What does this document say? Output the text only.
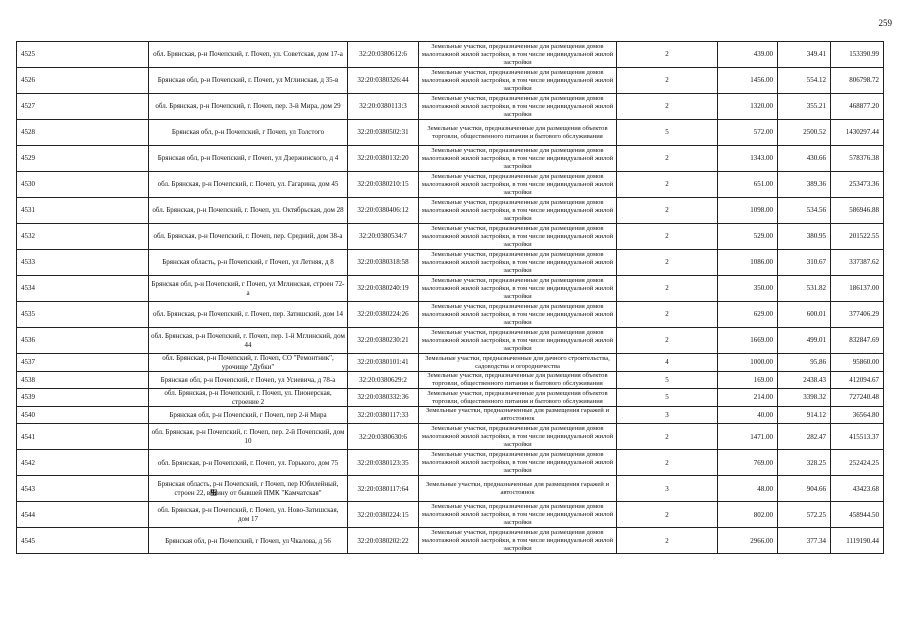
259
4525	обл. Брянская, р-н Почепский, г. Почеп, ул. Советская, дом 17-а	32:20:0380612:6	Земельные участки, предназначенные для размещения домов малоэтажной жилой застройки, в том числе индивидуальной жилой застройки	2	439.00	349.41	153390.99
4526	Брянская обл, р-н Почепский, г. Почеп, ул Мглинская, д 35-в	32:20:0380326:44	Земельные участки, предназначенные для размещения домов малоэтажной жилой застройки, в том числе индивидуальной жилой застройки	2	1456.00	554.12	806798.72
4527	обл. Брянская, р-н Почепский, г. Почеп, пер. 3-й Мира, дом 29	32:20:0380113:3	Земельные участки, предназначенные для размещения домов малоэтажной жилой застройки, в том числе индивидуальной жилой застройки	2	1320.00	355.21	468877.20
4528	Брянская обл, р-н Почепский, г Почеп, ул Толстого	32:20:0380502:31	Земельные участки, предназначенные для размещения объектов торговли, общественного питания и бытового обслуживания	5	572.00	2500.52	1430297.44
4529	Брянская обл, р-н Почепский, г Почеп, ул Дзержинского, д 4	32:20:0380132:20	Земельные участки, предназначенные для размещения домов малоэтажной жилой застройки, в том числе индивидуальной жилой застройки	2	1343.00	430.66	578376.38
4530	обл. Брянская, р-н Почепский, г. Почеп, ул. Гагарина, дом 45	32:20:0380210:15	Земельные участки, предназначенные для размещения домов малоэтажной жилой застройки, в том числе индивидуальной жилой застройки	2	651.00	389.36	253473.36
4531	обл. Брянская, р-н Почепский, г. Почеп, ул. Октябрьская, дом 28	32:20:0380406:12	Земельные участки, предназначенные для размещения домов малоэтажной жилой застройки, в том числе индивидуальной жилой застройки	2	1098.00	534.56	586946.88
4532	обл. Брянская, р-н Почепский, г. Почеп, пер. Средний, дом 38-а	32:20:0380534:7	Земельные участки, предназначенные для размещения домов малоэтажной жилой застройки, в том числе индивидуальной жилой застройки	2	529.00	380.95	201522.55
4533	Брянская область, р-н Почепский, г Почеп, ул Летняя, д 8	32:20:0380318:58	Земельные участки, предназначенные для размещения домов малоэтажной жилой застройки, в том числе индивидуальной жилой застройки	2	1086.00	310.67	337387.62
4534	Брянская обл, р-н Почепский, г Почеп, ул Мглинская, строен 72-а	32:20:0380240:19	Земельные участки, предназначенные для размещения домов малоэтажной жилой застройки, в том числе индивидуальной жилой застройки	2	350.00	531.82	186137.00
4535	обл. Брянская, р-н Почепский, г. Почеп, пер. Затишский, дом 14	32:20:0380224:26	Земельные участки, предназначенные для размещения домов малоэтажной жилой застройки, в том числе индивидуальной жилой застройки	2	629.00	600.01	377406.29
4536	обл. Брянская, р-н Почепский, г. Почеп, пер. 1-й Мглинский, дом 44	32:20:0380230:21	Земельные участки, предназначенные для размещения домов малоэтажной жилой застройки, в том числе индивидуальной жилой застройки	2	1669.00	499.01	832847.69
4537	обл. Брянская, р-н Почепский, г. Почеп, СО "Ремонтник", урочище "Дубки"	32:20:0380101:41	Земельные участки, предназначенные для дачного строительства, садоводства и огородничества	4	1000.00	95.86	95860.00
4538	Брянская обл, р-н Почепский, г Почеп, ул Усиевича, д 78-а	32:20:0380629:2	Земельные участки, предназначенные для размещения объектов торговли, общественного питания и бытового обслуживания	5	169.00	2438.43	412094.67
4539	обл. Брянская, р-н Почепский, г. Почеп, ул. Пионерская, строение 2	32:20:0380332:36	Земельные участки, предназначенные для размещения объектов торговли, общественного питания и бытового обслуживания	5	214.00	3398.32	727240.48
4540	Брянская обл, р-н Почепский, г Почеп, пер 2-й Мира	32:20:0380117:33	Земельные участки, предназначенные для размещения гаражей и автостоянок	3	40.00	914.12	36564.80
4541	обл. Брянская, р-н Почепский, г. Почеп, пер. 2-й Почепский, дом 10	32:20:0380630:6	Земельные участки, предназначенные для размещения домов малоэтажной жилой застройки, в том числе индивидуальной жилой застройки	2	1471.00	282.47	415513.37
4542	обл. Брянская, р-н Почепский, г. Почеп, ул. Горького, дом 75	32:20:0380123:35	Земельные участки, предназначенные для размещения домов малоэтажной жилой застройки, в том числе индивидуальной жилой застройки	2	769.00	328.25	252424.25
4543	Брянская область, р-н Почепский, г Почеп, пер Юбилейный, строен 22, в኿ину от бывшей ПМК "Камчатская"	32:20:0380117:64	Земельные участки, предназначенные для размещения гаражей и автостоянок	3	48.00	904.66	43423.68
4544	обл. Брянская, р-н Почепский, г. Почеп, ул. Ново-Затишская, дом 17	32:20:0380224:15	Земельные участки, предназначенные для размещения домов малоэтажной жилой застройки, в том числе индивидуальной жилой застройки	2	802.00	572.25	458944.50
4545	Брянская обл, р-н Почепский, г Почеп, ул Чкалова, д 56	32:20:0380202:22	Земельные участки, предназначенные для размещения домов малоэтажной жилой застройки, в том числе индивидуальной жилой застройки	2	2966.00	377.34	1119190.44
